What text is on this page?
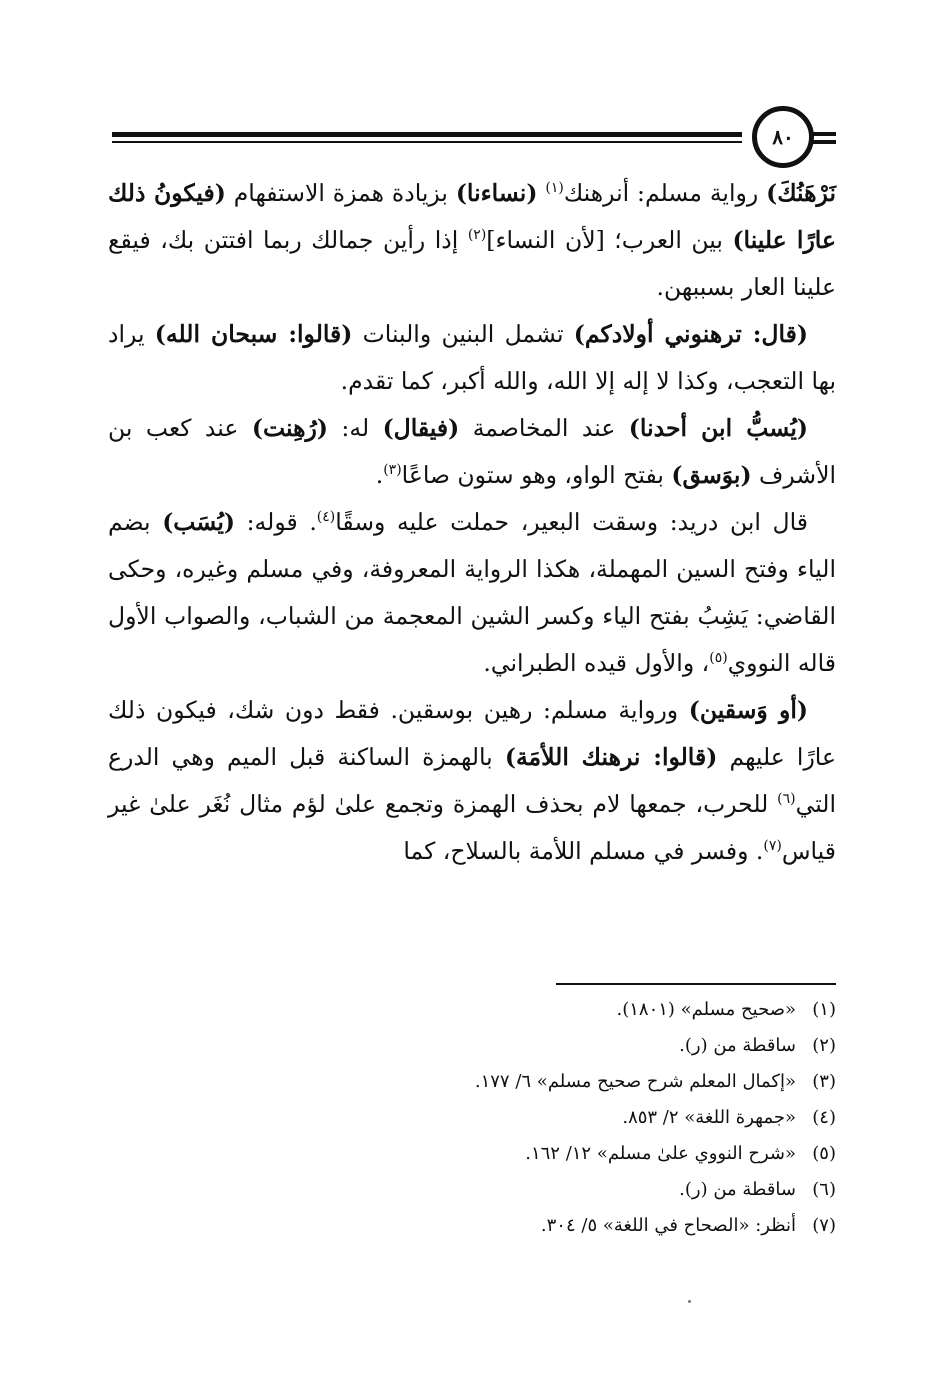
٨٠

نَرْهَنُكَ) رواية مسلم: أنرهنك$^{(١)}$ (نساءنا) بزيادة همزة الاستفهام (فيكونُ ذلك عارًا علينا) بين العرب؛ [لأن النساء]$^{(٢)}$ إذا رأين جمالك ربما افتتن بك، فيقع علينا العار بسببهن.

(قال: ترهنوني أولادكم) تشمل البنين والبنات (قالوا: سبحان الله) يراد بها التعجب، وكذا لا إله إلا الله، والله أكبر، كما تقدم.

(يُسبُّ ابن أحدنا) عند المخاصمة (فيقال) له: (رُهِنت) عند كعب بن الأشرف (بوَسق) بفتح الواو، وهو ستون صاعًا$^{(٣)}$.

قال ابن دريد: وسقت البعير، حملت عليه وسقًا$^{(٤)}$. قوله: (يُسَب) بضم الياء وفتح السين المهملة، هكذا الرواية المعروفة، وفي مسلم وغيره، وحكى القاضي: يَشِبُ بفتح الياء وكسر الشين المعجمة من الشباب، والصواب الأول قاله النووي$^{(٥)}$، والأول قيده الطبراني.

(أو وَسقين) ورواية مسلم: رهين بوسقين. فقط دون شك، فيكون ذلك عارًا عليهم (قالوا: نرهنك اللأمَة) بالهمزة الساكنة قبل الميم وهي الدرع التي$^{(٦)}$ للحرب، جمعها لام بحذف الهمزة وتجمع علىٰ لؤم مثال نُغَر علىٰ غير قياس$^{(٧)}$. وفسر في مسلم اللأمة بالسلاح، كما

(١)
«صحيح مسلم» (١٨٠١).
(٢)
ساقطة من (ر).
(٣)
«إكمال المعلم شرح صحيح مسلم» ٦/ ١٧٧.
(٤)
«جمهرة اللغة» ٢/ ٨٥٣.
(٥)
«شرح النووي علىٰ مسلم» ١٢/ ١٦٢.
(٦)
ساقطة من (ر).
(٧)
أنظر: «الصحاح في اللغة» ٥/ ٣٠٤.
